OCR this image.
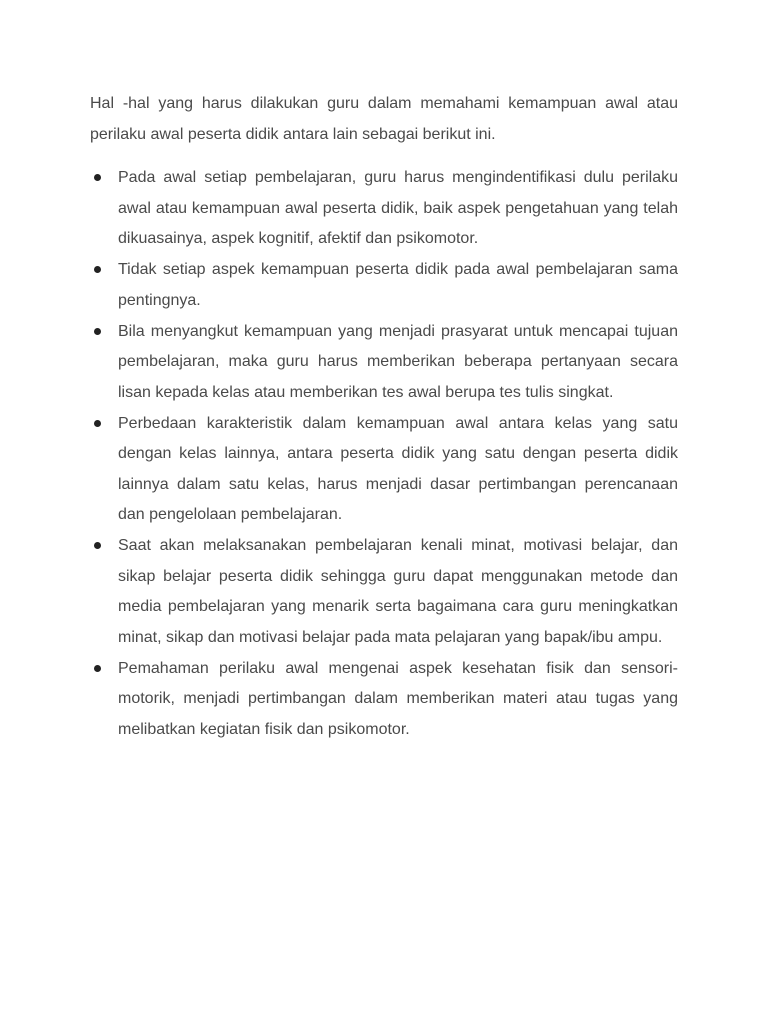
Hal -hal yang harus dilakukan guru dalam memahami kemampuan awal atau perilaku awal peserta didik antara lain sebagai berikut ini.

Pada awal setiap pembelajaran, guru harus mengindentifikasi dulu perilaku awal atau kemampuan awal peserta didik, baik aspek pengetahuan yang telah dikuasainya, aspek kognitif, afektif dan psikomotor.
Tidak setiap aspek kemampuan peserta didik pada awal pembelajaran sama pentingnya.
Bila menyangkut kemampuan yang menjadi prasyarat untuk mencapai tujuan pembelajaran, maka guru harus memberikan beberapa pertanyaan secara lisan kepada kelas atau memberikan tes awal berupa tes tulis singkat.
Perbedaan karakteristik dalam kemampuan awal antara kelas yang satu dengan kelas lainnya, antara peserta didik yang satu dengan peserta didik lainnya dalam satu kelas, harus menjadi dasar pertimbangan perencanaan dan pengelolaan pembelajaran.
Saat akan melaksanakan pembelajaran kenali minat, motivasi belajar, dan sikap belajar peserta didik sehingga guru dapat menggunakan metode dan media pembelajaran yang menarik serta bagaimana cara guru meningkatkan minat, sikap dan motivasi belajar pada mata pelajaran yang bapak/ibu ampu.
Pemahaman perilaku awal mengenai aspek kesehatan fisik dan sensori-motorik, menjadi pertimbangan dalam memberikan materi atau tugas yang melibatkan kegiatan fisik dan psikomotor.
